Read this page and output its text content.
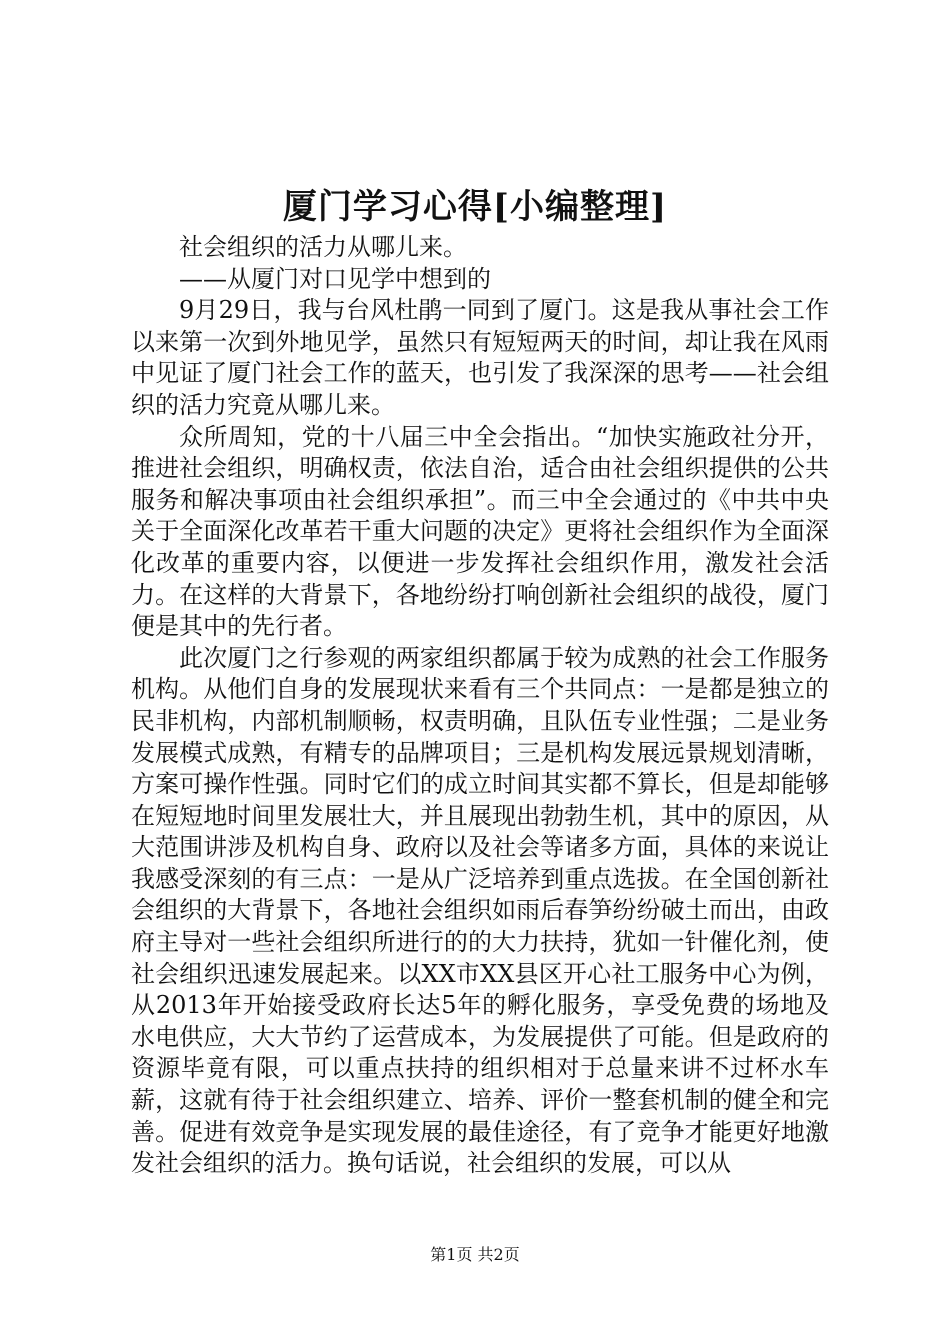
厦门学习心得[小编整理]

社会组织的活力从哪儿来。

——从厦门对口见学中想到的

9月29日，我与台风杜鹃一同到了厦门。这是我从事社会工作以来第一次到外地见学，虽然只有短短两天的时间，却让我在风雨中见证了厦门社会工作的蓝天，也引发了我深深的思考——社会组织的活力究竟从哪儿来。

众所周知，党的十八届三中全会指出。“加快实施政社分开，推进社会组织，明确权责，依法自治，适合由社会组织提供的公共服务和解决事项由社会组织承担”。而三中全会通过的《中共中央关于全面深化改革若干重大问题的决定》更将社会组织作为全面深化改革的重要内容，以便进一步发挥社会组织作用，激发社会活力。在这样的大背景下，各地纷纷打响创新社会组织的战役，厦门便是其中的先行者。

此次厦门之行参观的两家组织都属于较为成熟的社会工作服务机构。从他们自身的发展现状来看有三个共同点：一是都是独立的民非机构，内部机制顺畅，权责明确，且队伍专业性强；二是业务发展模式成熟，有精专的品牌项目；三是机构发展远景规划清晰，方案可操作性强。同时它们的成立时间其实都不算长，但是却能够在短短地时间里发展壮大，并且展现出勃勃生机，其中的原因，从大范围讲涉及机构自身、政府以及社会等诸多方面，具体的来说让我感受深刻的有三点：一是从广泛培养到重点选拔。在全国创新社会组织的大背景下，各地社会组织如雨后春笋纷纷破土而出，由政府主导对一些社会组织所进行的的大力扶持，犹如一针催化剂，使社会组织迅速发展起来。以XX市XX县区开心社工服务中心为例，从2013年开始接受政府长达5年的孵化服务，享受免费的场地及水电供应，大大节约了运营成本，为发展提供了可能。但是政府的资源毕竟有限，可以重点扶持的组织相对于总量来讲不过杯水车薪，这就有待于社会组织建立、培养、评价一整套机制的健全和完善。促进有效竞争是实现发展的最佳途径，有了竞争才能更好地激发社会组织的活力。换句话说，社会组织的发展，可以从

第1页 共2页
